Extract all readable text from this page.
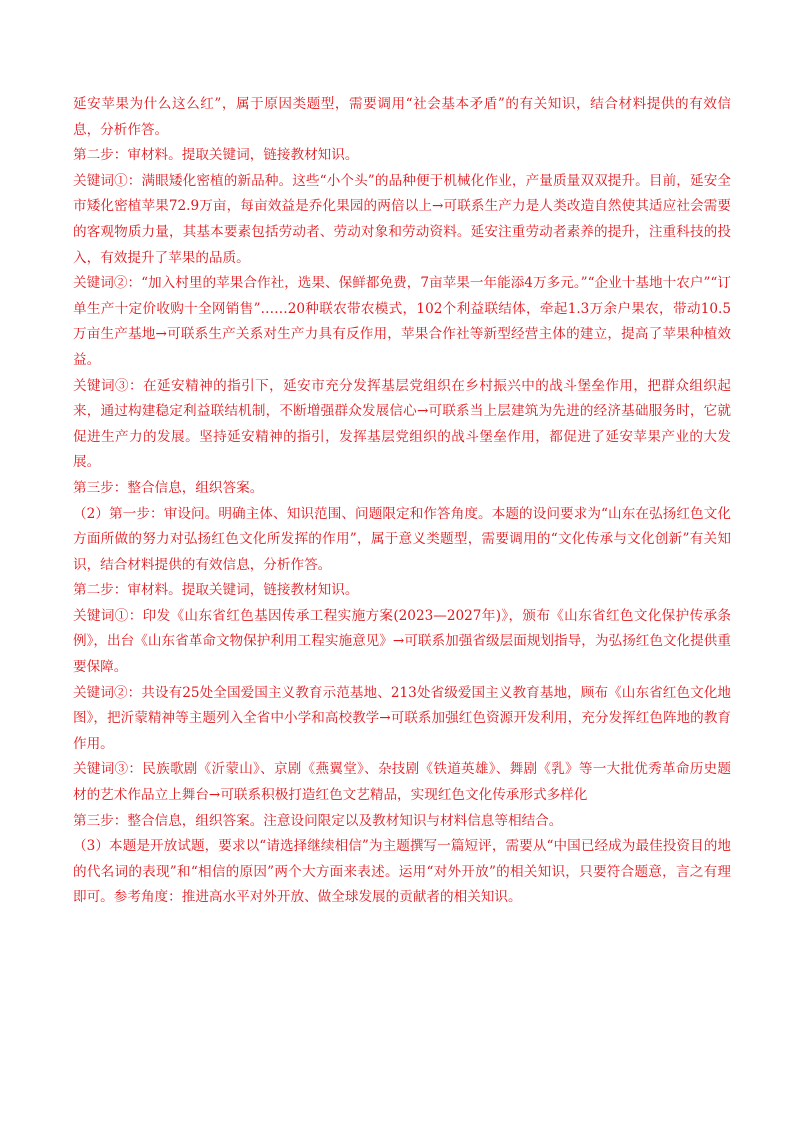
延安苹果为什么这么红”，属于原因类题型，需要调用“社会基本矛盾”的有关知识，结合材料提供的有效信息，分析作答。

第二步：审材料。提取关键词，链接教材知识。

关键词①：满眼矮化密植的新品种。这些“小个头”的品种便于机械化作业，产量质量双双提升。目前，延安全市矮化密植苹果72.9万亩，每亩效益是乔化果园的两倍以上→可联系生产力是人类改造自然使其适应社会需要的客观物质力量，其基本要素包括劳动者、劳动对象和劳动资料。延安注重劳动者素养的提升，注重科技的投入，有效提升了苹果的品质。

关键词②：“加入村里的苹果合作社，选果、保鲜都免费，7亩苹果一年能添4万多元。”“企业十基地十农户”“订单生产十定价收购十全网销售”……20种联农带农模式，102个利益联结体，牵起1.3万余户果农，带动10.5万亩生产基地→可联系生产关系对生产力具有反作用，苹果合作社等新型经营主体的建立，提高了苹果种植效益。

关键词③：在延安精神的指引下，延安市充分发挥基层党组织在乡村振兴中的战斗堡垒作用，把群众组织起来，通过构建稳定利益联结机制，不断增强群众发展信心→可联系当上层建筑为先进的经济基础服务时，它就促进生产力的发展。坚持延安精神的指引，发挥基层党组织的战斗堡垒作用，都促进了延安苹果产业的大发展。

第三步：整合信息，组织答案。

（2）第一步：审设问。明确主体、知识范围、问题限定和作答角度。本题的设问要求为“山东在弘扬红色文化方面所做的努力对弘扬红色文化所发挥的作用”，属于意义类题型，需要调用的“文化传承与文化创新”有关知识，结合材料提供的有效信息，分析作答。

第二步：审材料。提取关键词，链接教材知识。

关键词①：印发《山东省红色基因传承工程实施方案(2023—2027年)》，颁布《山东省红色文化保护传承条例》，出台《山东省革命文物保护利用工程实施意见》→可联系加强省级层面规划指导，为弘扬红色文化提供重要保障。

关键词②：共设有25处全国爱国主义教育示范基地、213处省级爱国主义教育基地，顾布《山东省红色文化地图》，把沂蒙精神等主题列入全省中小学和高校教学→可联系加强红色资源开发利用，充分发挥红色阵地的教育作用。

关键词③：民族歌剧《沂蒙山》、京剧《燕翼堂》、杂技剧《铁道英雄》、舞剧《乳》等一大批优秀革命历史题材的艺术作品立上舞台→可联系积极打造红色文艺精品，实现红色文化传承形式多样化

第三步：整合信息，组织答案。注意设问限定以及教材知识与材料信息等相结合。

（3）本题是开放试题，要求以“请选择继续相信”为主题撰写一篇短评，需要从“中国已经成为最佳投资目的地的代名词的表现”和“相信的原因”两个大方面来表述。运用“对外开放”的相关知识，只要符合题意，言之有理即可。参考角度：推进高水平对外开放、做全球发展的贡献者的相关知识。
